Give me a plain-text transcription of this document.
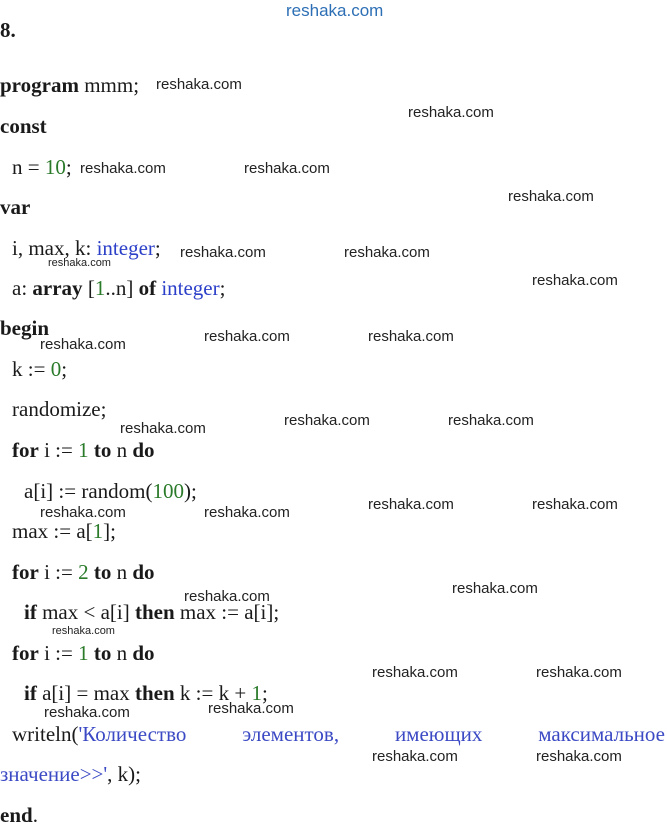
reshaka.com
8.
program mmm;
const
n = 10;
var
i, max, k: integer;
a: array [1..n] of integer;
begin
k := 0;
randomize;
for i := 1 to n do
a[i] := random(100);
max := a[1];
for i := 2 to n do
if max < a[i] then max := a[i];
for i := 1 to n do
if a[i] = max then k := k + 1;
writeln('Количество	элементов,	имеющих	максимальное
значение>>', k);
end.
reshaka.com
reshaka.com
reshaka.com	reshaka.com
reshaka.com
reshaka.com	reshaka.com
reshaka.com
reshaka.com
reshaka.com	reshaka.com
reshaka.com
reshaka.com	reshaka.com
reshaka.com
reshaka.com	reshaka.com
reshaka.com	reshaka.com
reshaka.com
reshaka.com
reshaka.com
reshaka.com	reshaka.com
reshaka.com
reshaka.com
reshaka.com	reshaka.com
